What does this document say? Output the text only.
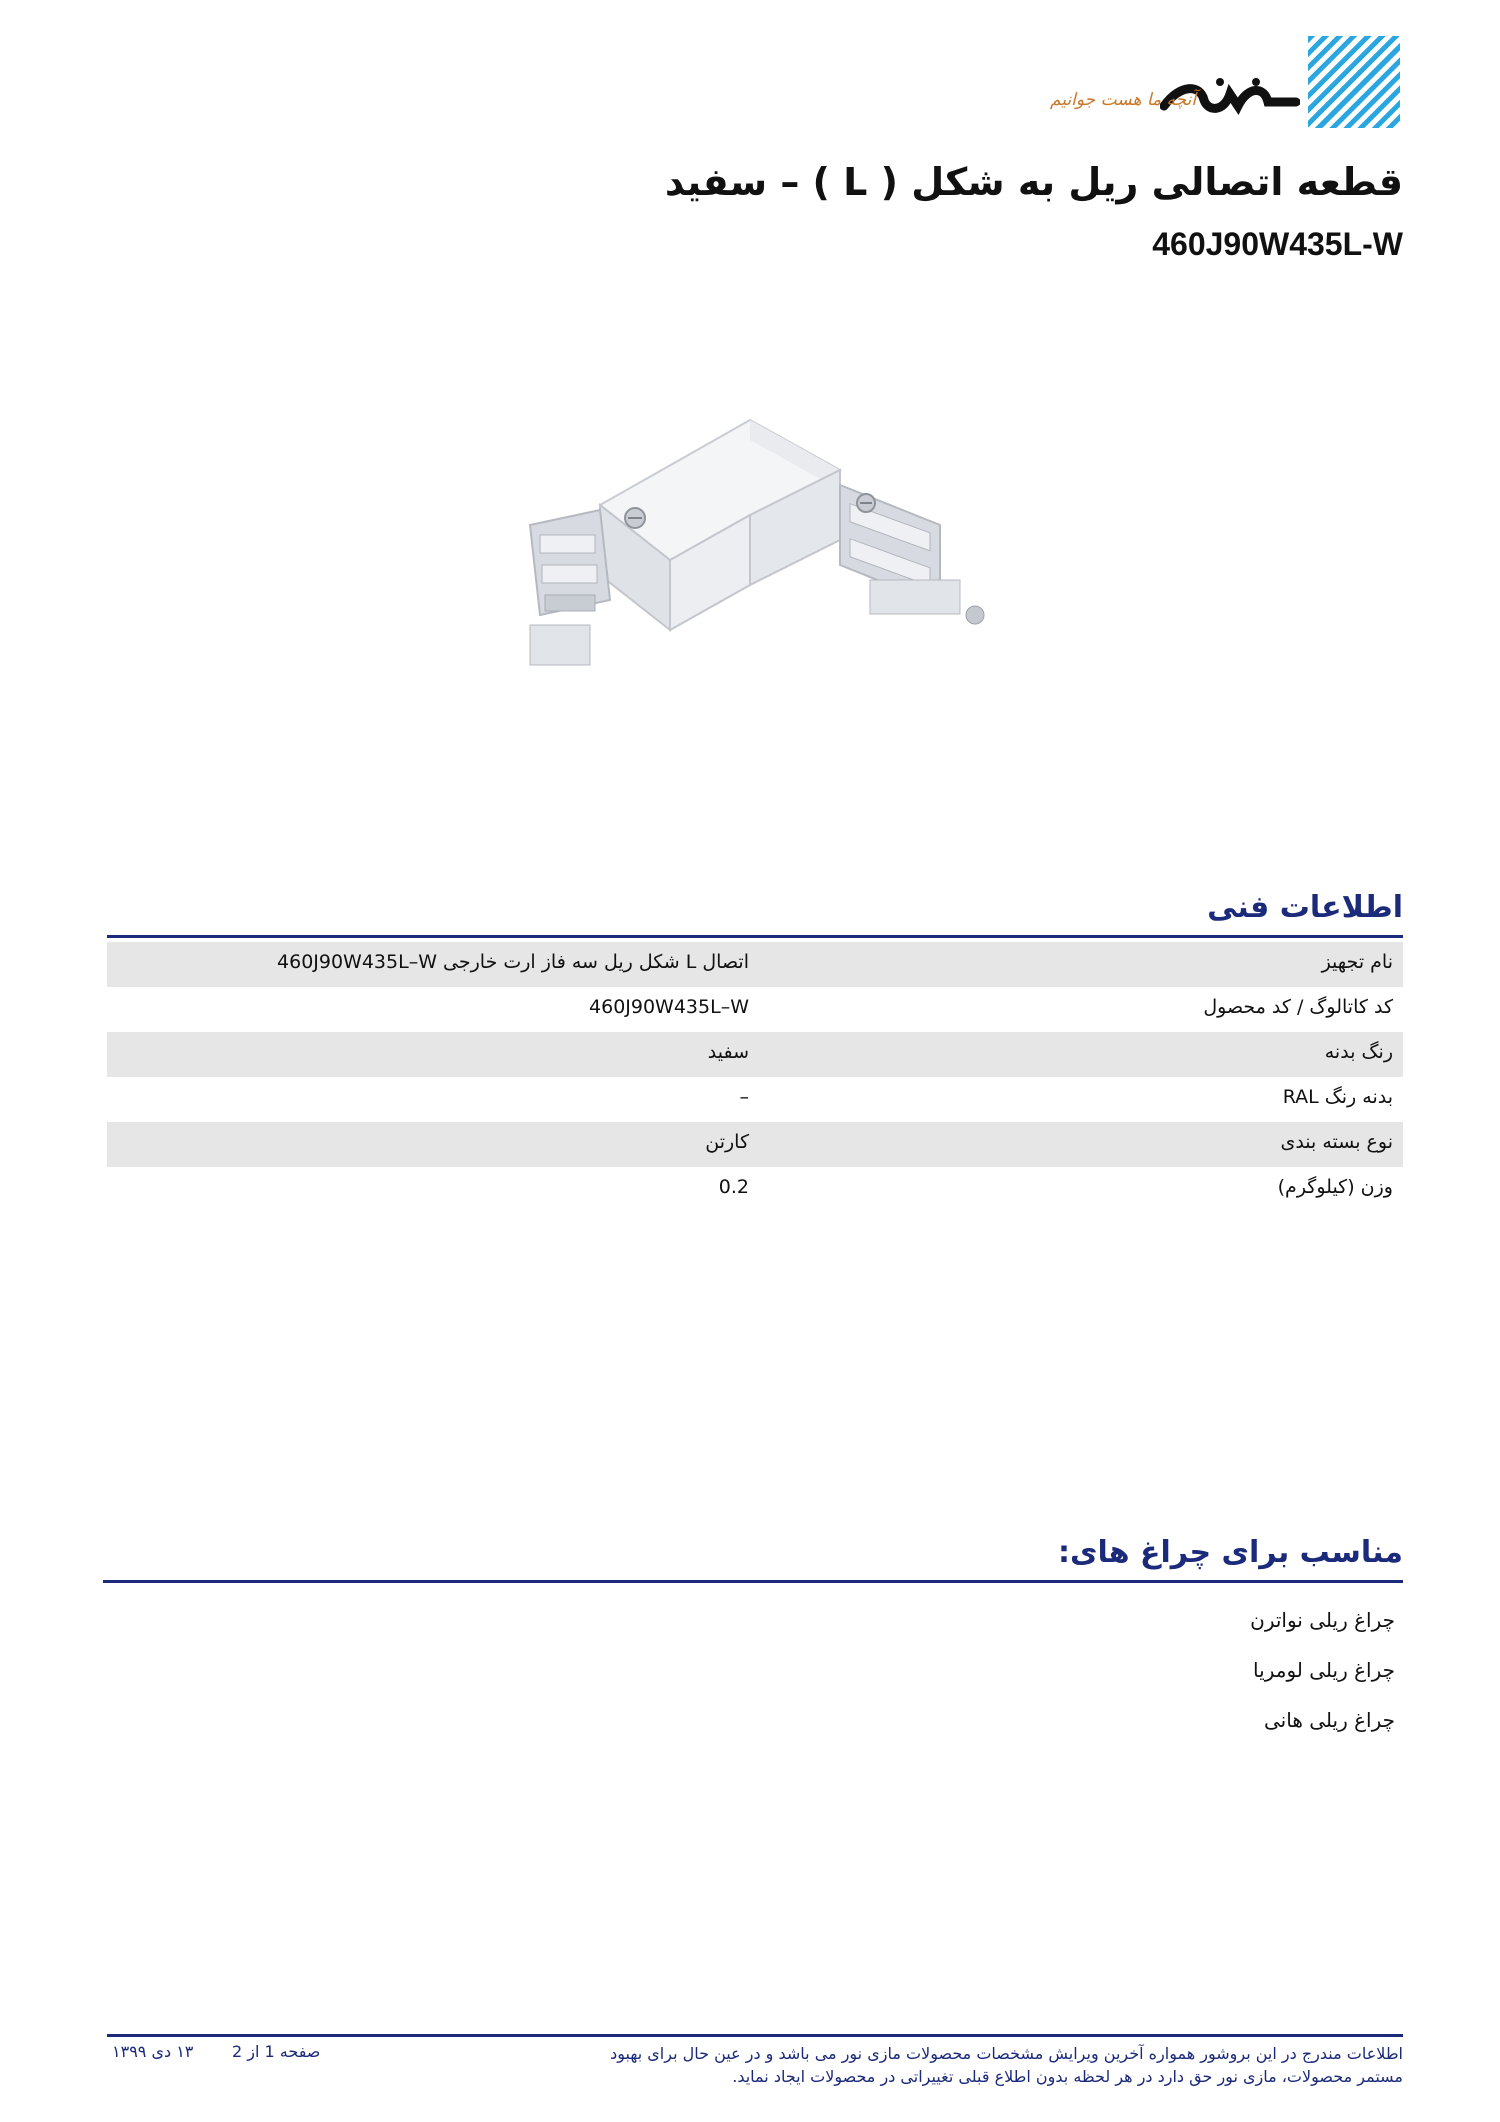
آنچه ما هست جوانیم
قطعه اتصالی ریل به شکل ( L ) – سفید
460J90W435L-W
اطلاعات فنی
نام تجهیز
اتصال L شکل ریل سه فاز ارت خارجی 460J90W435L–W
کد کاتالوگ / کد محصول
460J90W435L–W
رنگ بدنه
سفید
بدنه رنگ RAL
–
نوع بسته بندی
کارتن
وزن (کیلوگرم)
0.2
مناسب برای چراغ های:
چراغ ریلی نواترن
چراغ ریلی لومریا
چراغ ریلی هانی

اطلاعات مندرج در این بروشور همواره آخرین ویرایش مشخصات محصولات مازی نور می باشد و در عین حال برای بهبود مستمر محصولات، مازی نور حق دارد در هر لحظه بدون اطلاع قبلی تغییراتی در محصولات ایجاد نماید.

صفحه 1 از 2
۱۳ دی ۱۳۹۹
